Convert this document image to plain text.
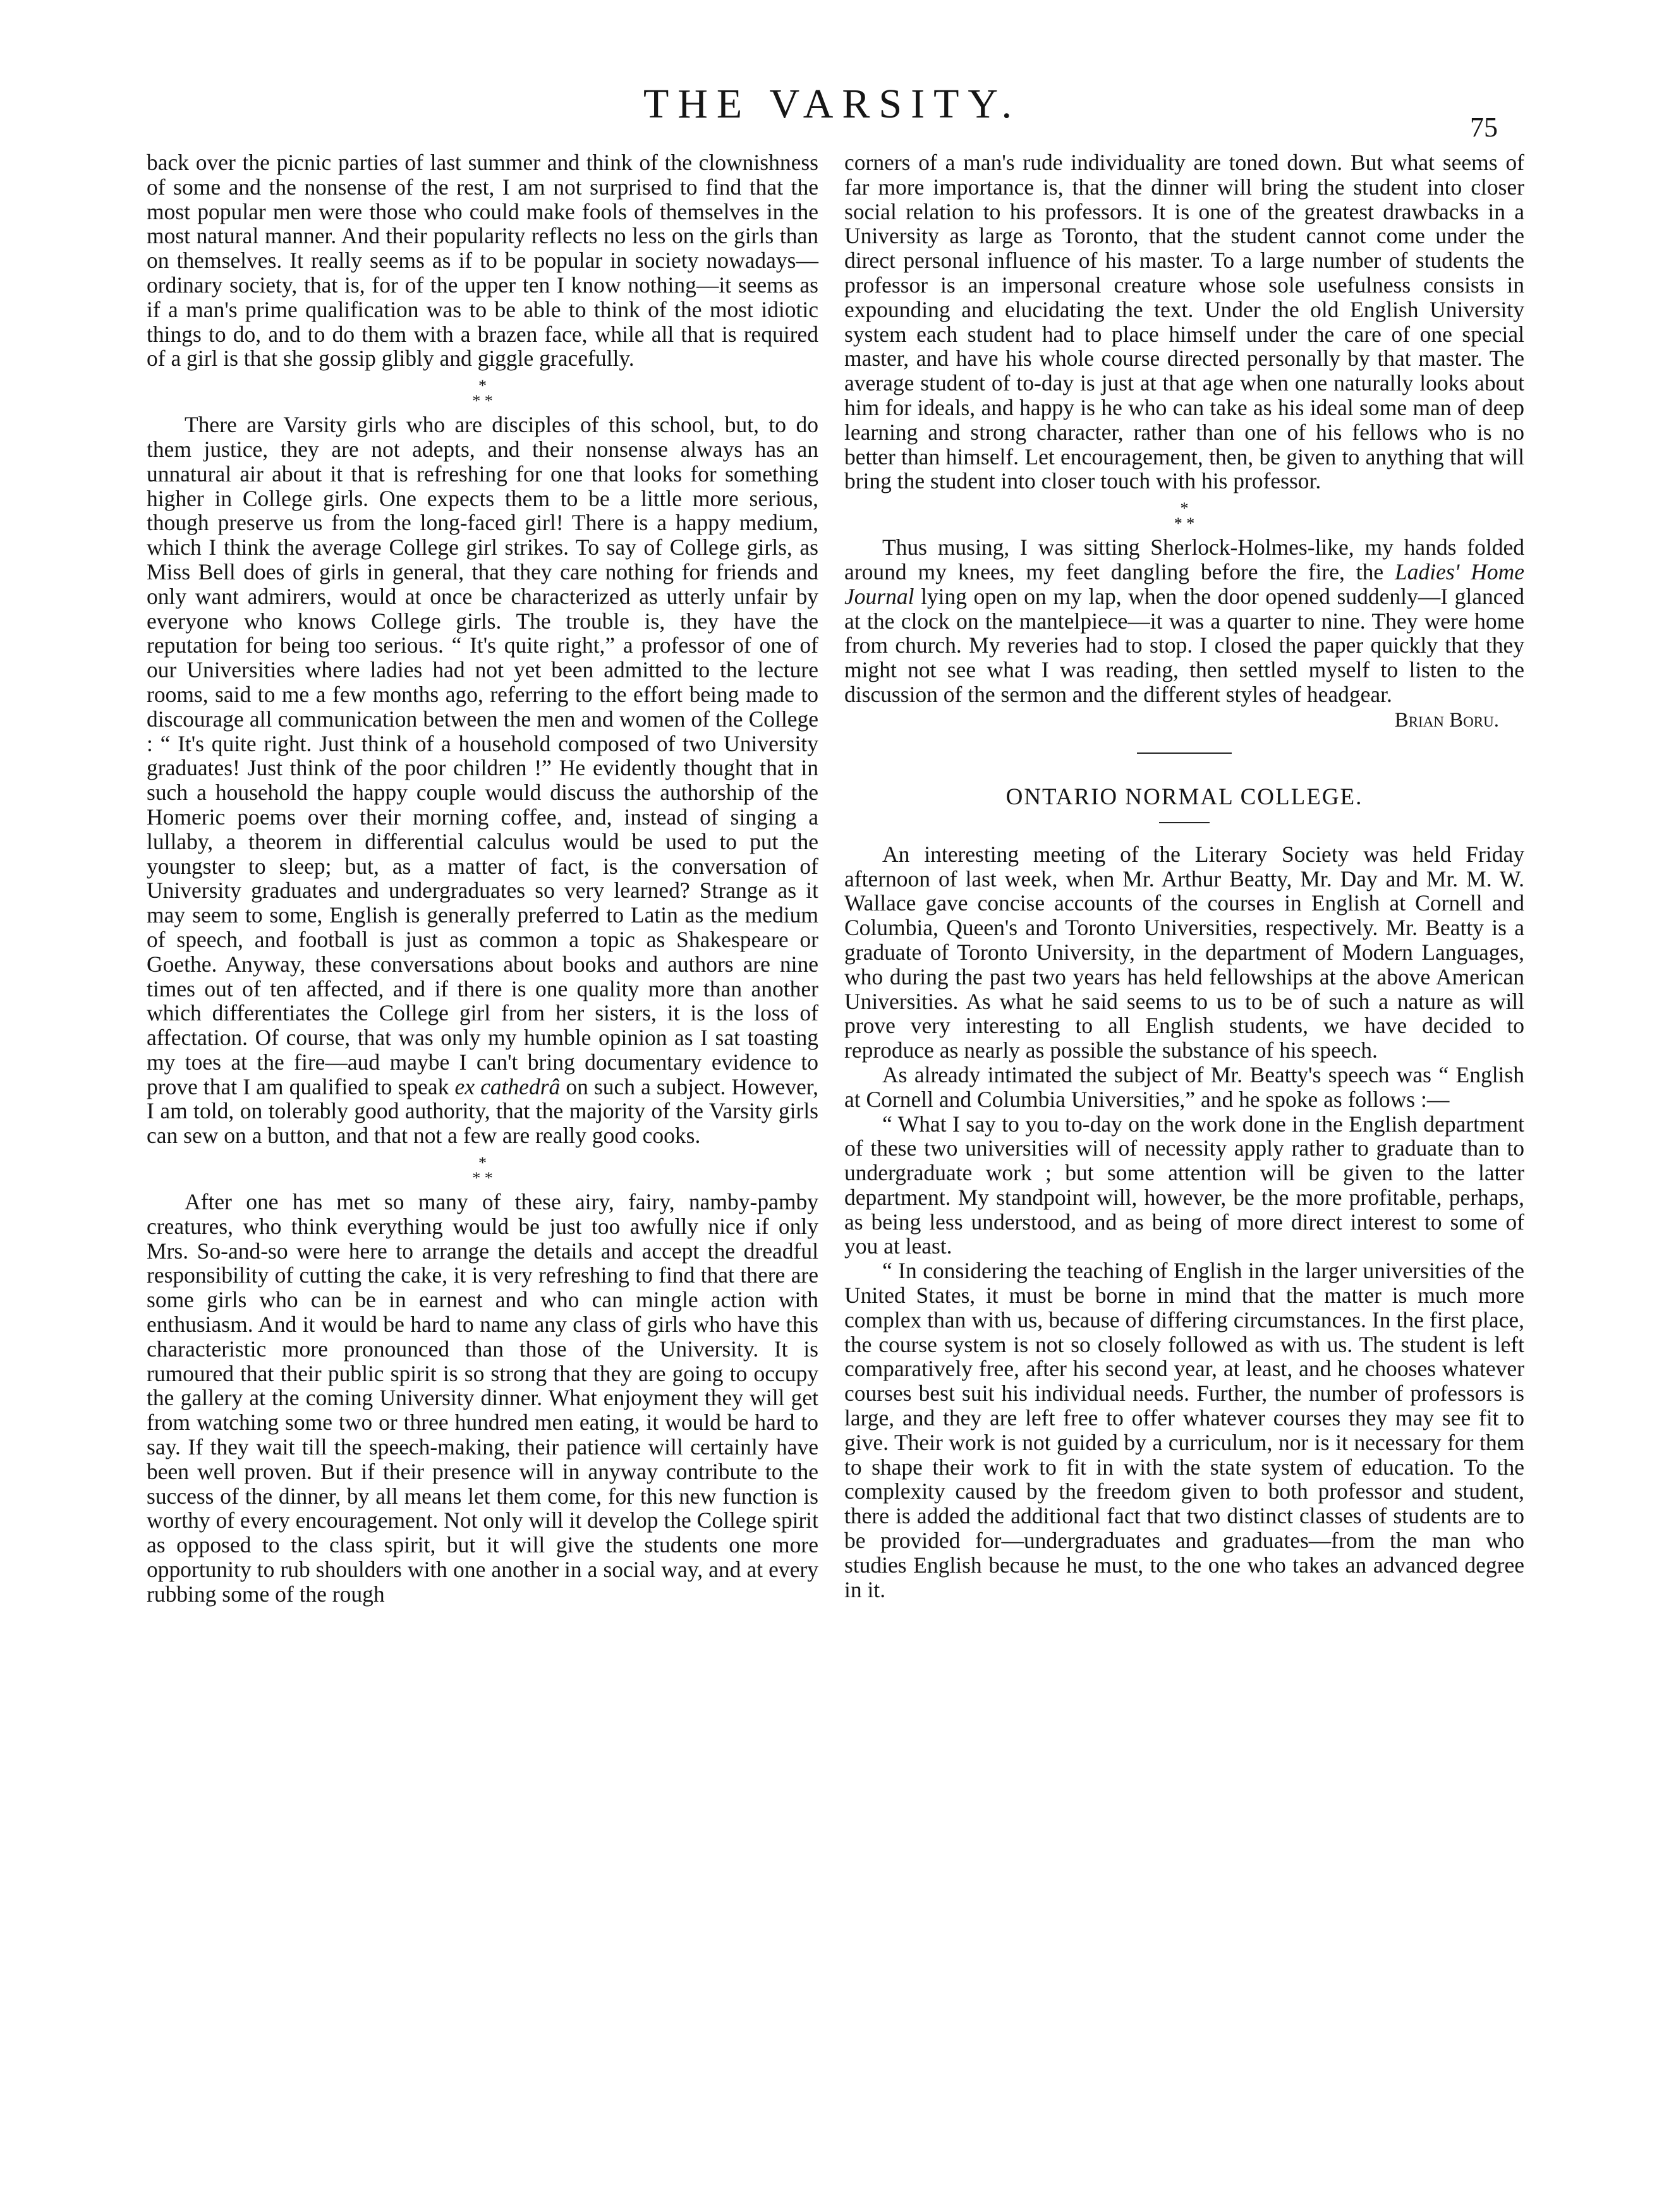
THE VARSITY.
75

back over the picnic parties of last summer and think of the clownishness of some and the nonsense of the rest, I am not surprised to find that the most popular men were those who could make fools of themselves in the most natural manner. And their popularity reflects no less on the girls than on themselves. It really seems as if to be popular in society nowadays—ordinary society, that is, for of the upper ten I know nothing—it seems as if a man's prime qualification was to be able to think of the most idiotic things to do, and to do them with a brazen face, while all that is required of a girl is that she gossip glibly and giggle gracefully.

*
* *

There are Varsity girls who are disciples of this school, but, to do them justice, they are not adepts, and their nonsense always has an unnatural air about it that is refreshing for one that looks for something higher in College girls. One expects them to be a little more serious, though preserve us from the long-faced girl! There is a happy medium, which I think the average College girl strikes. To say of College girls, as Miss Bell does of girls in general, that they care nothing for friends and only want admirers, would at once be characterized as utterly unfair by everyone who knows College girls. The trouble is, they have the reputation for being too serious. “ It's quite right,” a professor of one of our Universities where ladies had not yet been admitted to the lecture rooms, said to me a few months ago, referring to the effort being made to discourage all communication between the men and women of the College : “ It's quite right. Just think of a household composed of two University graduates! Just think of the poor children !” He evidently thought that in such a household the happy couple would discuss the authorship of the Homeric poems over their morning coffee, and, instead of singing a lullaby, a theorem in differential calculus would be used to put the youngster to sleep; but, as a matter of fact, is the conversation of University graduates and undergraduates so very learned? Strange as it may seem to some, English is generally preferred to Latin as the medium of speech, and football is just as common a topic as Shakespeare or Goethe. Anyway, these conversations about books and authors are nine times out of ten affected, and if there is one quality more than another which differentiates the College girl from her sisters, it is the loss of affectation. Of course, that was only my humble opinion as I sat toasting my toes at the fire—aud maybe I can't bring documentary evidence to prove that I am qualified to speak ex cathedrâ on such a subject. However, I am told, on tolerably good authority, that the majority of the Varsity girls can sew on a button, and that not a few are really good cooks.

*
* *

After one has met so many of these airy, fairy, namby-pamby creatures, who think everything would be just too awfully nice if only Mrs. So-and-so were here to arrange the details and accept the dreadful responsibility of cutting the cake, it is very refreshing to find that there are some girls who can be in earnest and who can mingle action with enthusiasm. And it would be hard to name any class of girls who have this characteristic more pronounced than those of the University. It is rumoured that their public spirit is so strong that they are going to occupy the gallery at the coming University dinner. What enjoyment they will get from watching some two or three hundred men eating, it would be hard to say. If they wait till the speech-making, their patience will certainly have been well proven. But if their presence will in anyway contribute to the success of the dinner, by all means let them come, for this new function is worthy of every encouragement. Not only will it develop the College spirit as opposed to the class spirit, but it will give the students one more opportunity to rub shoulders with one another in a social way, and at every rubbing some of the rough

corners of a man's rude individuality are toned down. But what seems of far more importance is, that the dinner will bring the student into closer social relation to his professors. It is one of the greatest drawbacks in a University as large as Toronto, that the student cannot come under the direct personal influence of his master. To a large number of students the professor is an impersonal creature whose sole usefulness consists in expounding and elucidating the text. Under the old English University system each student had to place himself under the care of one special master, and have his whole course directed personally by that master. The average student of to-day is just at that age when one naturally looks about him for ideals, and happy is he who can take as his ideal some man of deep learning and strong character, rather than one of his fellows who is no better than himself. Let encouragement, then, be given to anything that will bring the student into closer touch with his professor.

*
* *

Thus musing, I was sitting Sherlock-Holmes-like, my hands folded around my knees, my feet dangling before the fire, the Ladies' Home Journal lying open on my lap, when the door opened suddenly—I glanced at the clock on the mantelpiece—it was a quarter to nine. They were home from church. My reveries had to stop. I closed the paper quickly that they might not see what I was reading, then settled myself to listen to the discussion of the sermon and the different styles of headgear.

Brian Boru.
ONTARIO NORMAL COLLEGE.

An interesting meeting of the Literary Society was held Friday afternoon of last week, when Mr. Arthur Beatty, Mr. Day and Mr. M. W. Wallace gave concise accounts of the courses in English at Cornell and Columbia, Queen's and Toronto Universities, respectively. Mr. Beatty is a graduate of Toronto University, in the department of Modern Languages, who during the past two years has held fellowships at the above American Universities. As what he said seems to us to be of such a nature as will prove very interesting to all English students, we have decided to reproduce as nearly as possible the substance of his speech.

As already intimated the subject of Mr. Beatty's speech was “ English at Cornell and Columbia Universities,” and he spoke as follows :—

“ What I say to you to-day on the work done in the English department of these two universities will of necessity apply rather to graduate than to undergraduate work ; but some attention will be given to the latter department. My standpoint will, however, be the more profitable, perhaps, as being less understood, and as being of more direct interest to some of you at least.

“ In considering the teaching of English in the larger universities of the United States, it must be borne in mind that the matter is much more complex than with us, because of differing circumstances. In the first place, the course system is not so closely followed as with us. The student is left comparatively free, after his second year, at least, and he chooses whatever courses best suit his individual needs. Further, the number of professors is large, and they are left free to offer whatever courses they may see fit to give. Their work is not guided by a curriculum, nor is it necessary for them to shape their work to fit in with the state system of education. To the complexity caused by the freedom given to both professor and student, there is added the additional fact that two distinct classes of students are to be provided for—undergraduates and graduates—from the man who studies English because he must, to the one who takes an advanced degree in it.
